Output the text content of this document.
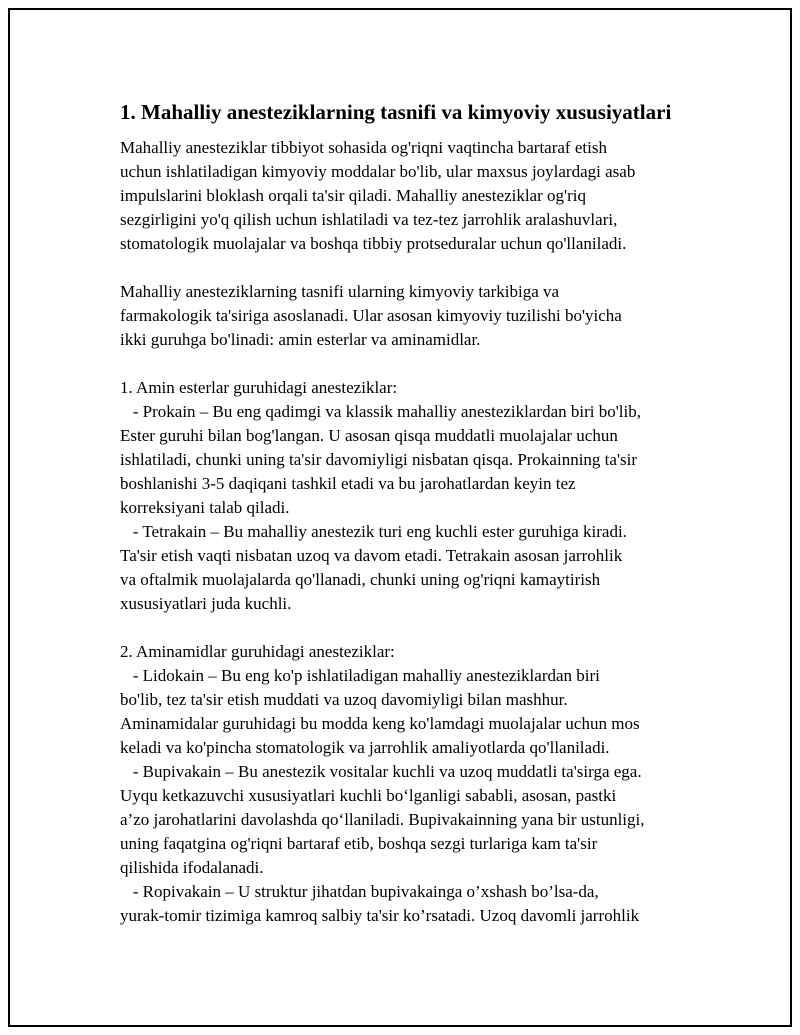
1. Mahalliy anesteziklarning tasnifi va kimyoviy xususiyatlari
Mahalliy anesteziklar tibbiyot sohasida og'riqni vaqtincha bartaraf etish
uchun ishlatiladigan kimyoviy moddalar bo'lib, ular maxsus joylardagi asab
impulslarini bloklash orqali ta'sir qiladi. Mahalliy anesteziklar og'riq
sezgirligini yo'q qilish uchun ishlatiladi va tez-tez jarrohlik aralashuvlari,
stomatologik muolajalar va boshqa tibbiy protseduralar uchun qo'llaniladi.
Mahalliy anesteziklarning tasnifi ularning kimyoviy tarkibiga va
farmakologik ta'siriga asoslanadi. Ular asosan kimyoviy tuzilishi bo'yicha
ikki guruhga bo'linadi: amin esterlar va aminamidlar.
1. Amin esterlar guruhidagi anesteziklar:
- Prokain – Bu eng qadimgi va klassik mahalliy anesteziklardan biri bo'lib,
Ester guruhi bilan bog'langan. U asosan qisqa muddatli muolajalar uchun
ishlatiladi, chunki uning ta'sir davomiyligi nisbatan qisqa. Prokainning ta'sir
boshlanishi 3-5 daqiqani tashkil etadi va bu jarohatlardan keyin tez
korreksiyani talab qiladi.
- Tetrakain – Bu mahalliy anestezik turi eng kuchli ester guruhiga kiradi.
Ta'sir etish vaqti nisbatan uzoq va davom etadi. Tetrakain asosan jarrohlik
va oftalmik muolajalarda qo'llanadi, chunki uning og'riqni kamaytirish
xususiyatlari juda kuchli.
2. Aminamidlar guruhidagi anesteziklar:
- Lidokain – Bu eng ko'p ishlatiladigan mahalliy anesteziklardan biri
bo'lib, tez ta'sir etish muddati va uzoq davomiyligi bilan mashhur.
Aminamidalar guruhidagi bu modda keng ko'lamdagi muolajalar uchun mos
keladi va ko'pincha stomatologik va jarrohlik amaliyotlarda qo'llaniladi.
- Bupivakain – Bu anestezik vositalar kuchli va uzoq muddatli ta'sirga ega.
Uyqu ketkazuvchi xususiyatlari kuchli bo‘lganligi sababli, asosan, pastki
a’zo jarohatlarini davolashda qo‘llaniladi. Bupivakainning yana bir ustunligi,
uning faqatgina og'riqni bartaraf etib, boshqa sezgi turlariga kam ta'sir
qilishida ifodalanadi.
- Ropivakain – U struktur jihatdan bupivakainga o’xshash bo’lsa-da,
yurak-tomir tizimiga kamroq salbiy ta'sir ko’rsatadi. Uzoq davomli jarrohlik
